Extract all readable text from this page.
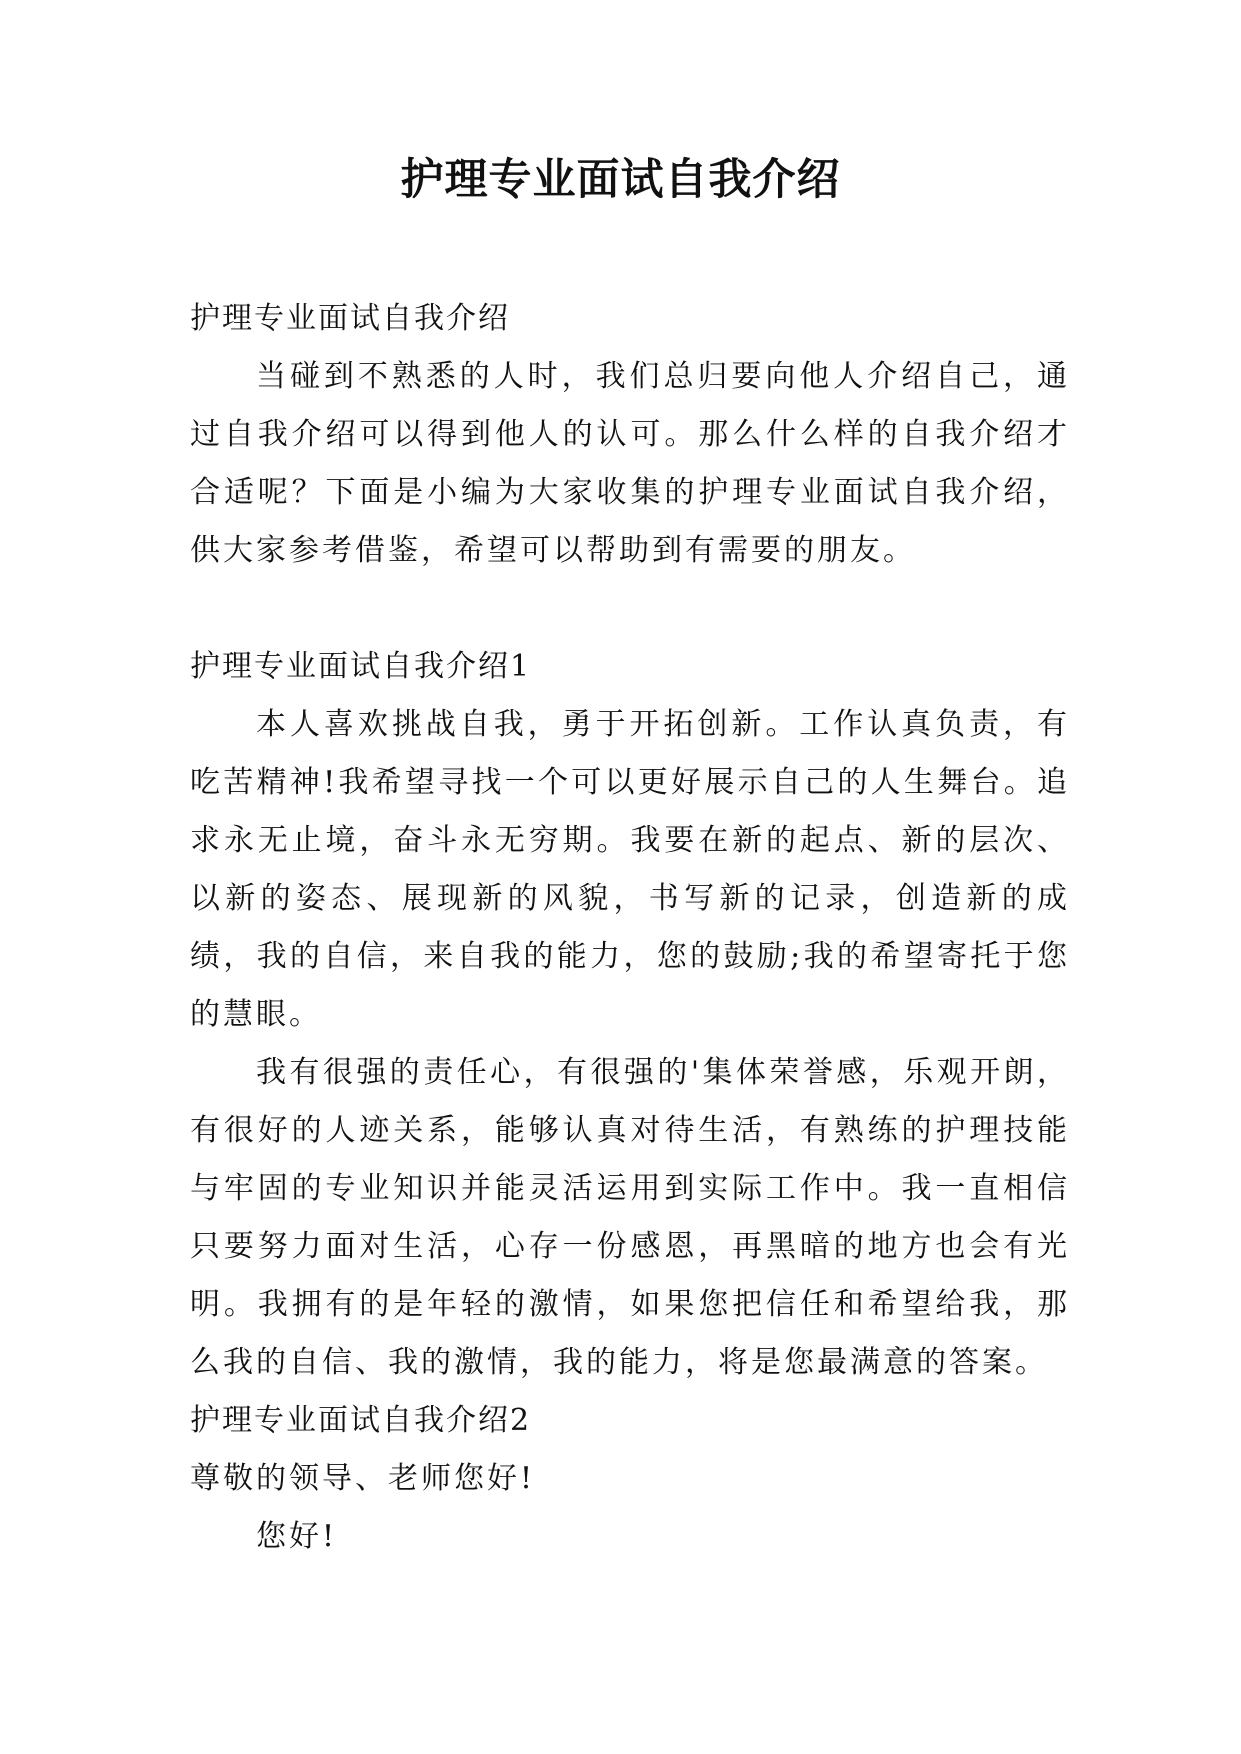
护理专业面试自我介绍

护理专业面试自我介绍

当碰到不熟悉的人时，我们总归要向他人介绍自己，通过自我介绍可以得到他人的认可。那么什么样的自我介绍才合适呢？下面是小编为大家收集的护理专业面试自我介绍，供大家参考借鉴，希望可以帮助到有需要的朋友。

护理专业面试自我介绍1

本人喜欢挑战自我，勇于开拓创新。工作认真负责，有吃苦精神!我希望寻找一个可以更好展示自己的人生舞台。追求永无止境，奋斗永无穷期。我要在新的起点、新的层次、以新的姿态、展现新的风貌，书写新的记录，创造新的成绩，我的自信，来自我的能力，您的鼓励;我的希望寄托于您的慧眼。

我有很强的责任心，有很强的'集体荣誉感，乐观开朗，有很好的人迹关系，能够认真对待生活，有熟练的护理技能与牢固的专业知识并能灵活运用到实际工作中。我一直相信只要努力面对生活，心存一份感恩，再黑暗的地方也会有光明。我拥有的是年轻的激情，如果您把信任和希望给我，那么我的自信、我的激情，我的能力，将是您最满意的答案。

护理专业面试自我介绍2

尊敬的领导、老师您好!

您好!
